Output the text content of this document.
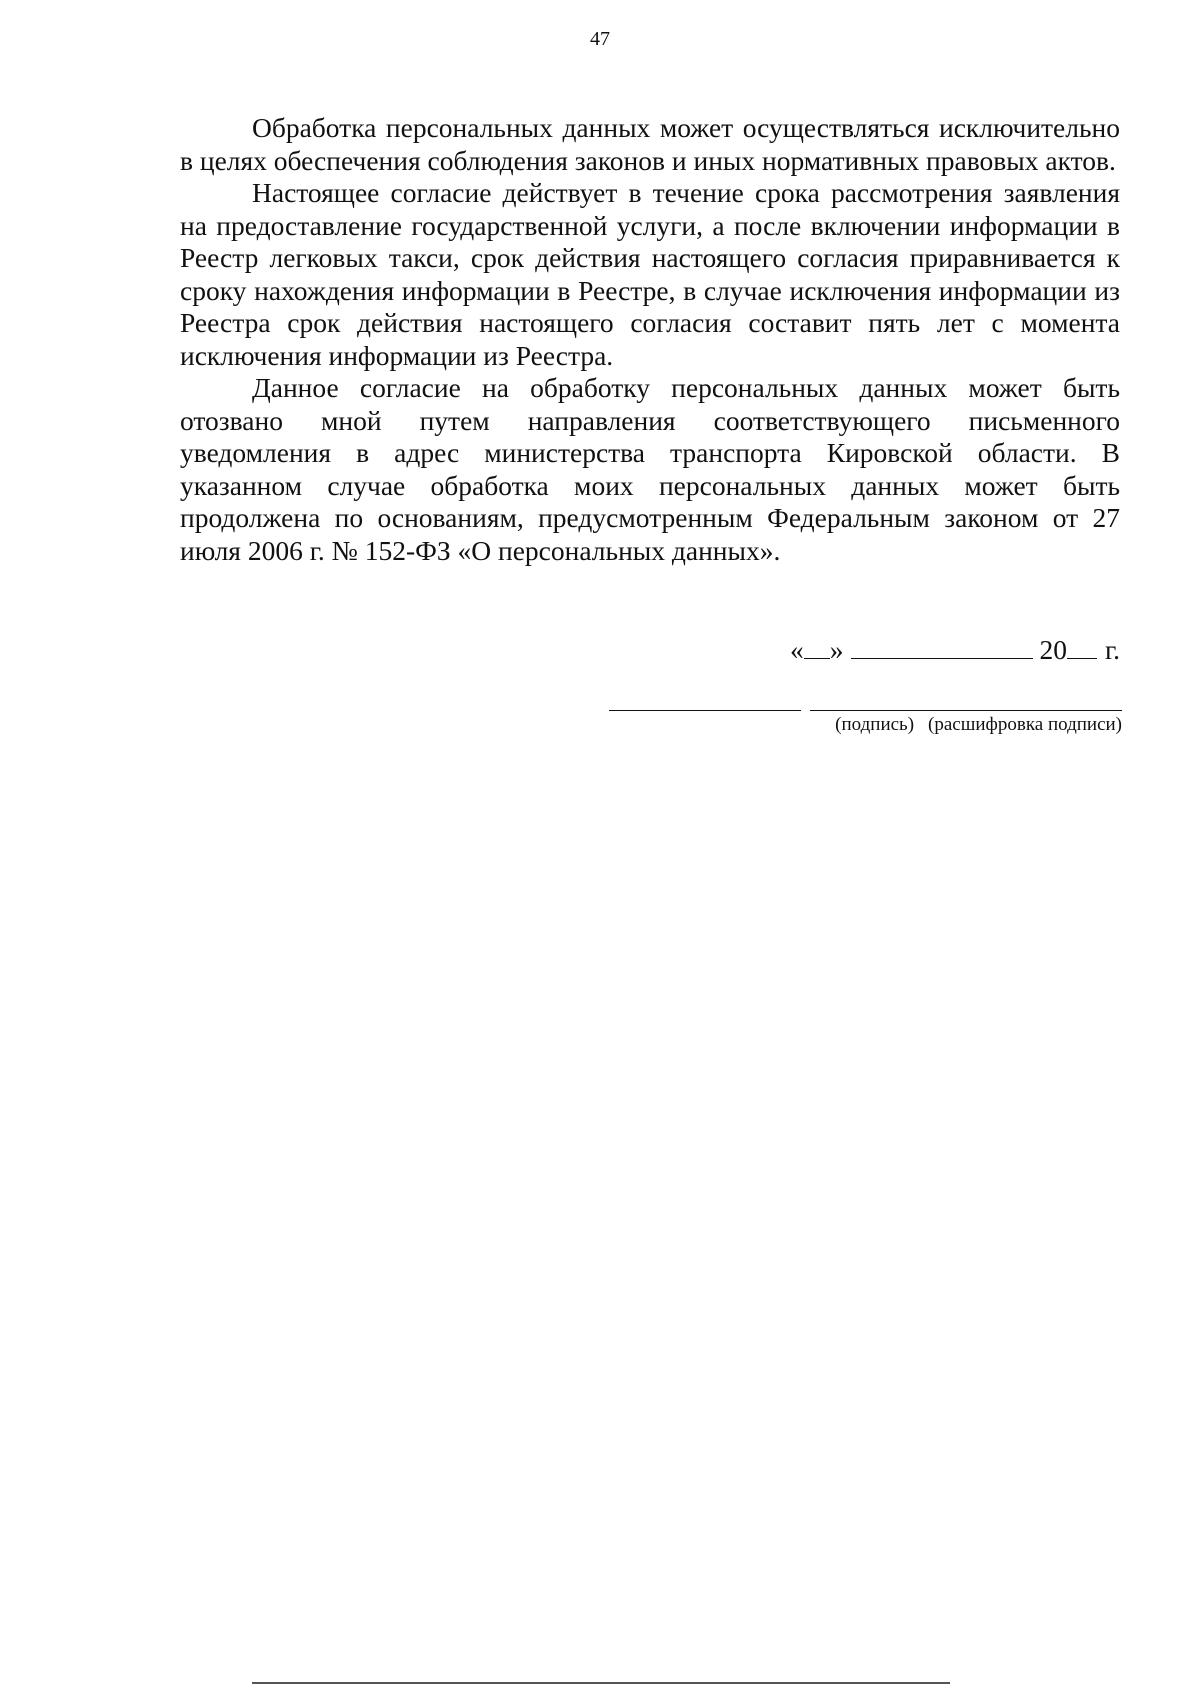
47

Обработка персональных данных может осуществляться исключительно в целях обеспечения соблюдения законов и иных нормативных правовых актов.

Настоящее согласие действует в течение срока рассмотрения заявления на предоставление государственной услуги, а после включении информации в Реестр легковых такси, срок действия настоящего согласия приравнивается к сроку нахождения информации в Реестре, в случае исключения информации из Реестра срок действия настоящего согласия составит пять лет с момента исключения информации из Реестра.

Данное согласие на обработку персональных данных может быть отозвано мной путем направления соответствующего письменного уведомления в адрес министерства транспорта Кировской области. В указанном случае обработка моих персональных данных может быть продолжена по основаниям, предусмотренным Федеральным законом от 27 июля 2006 г. № 152-ФЗ «О персональных данных».

« »	20 г.
(подпись) (расшифровка подписи)
